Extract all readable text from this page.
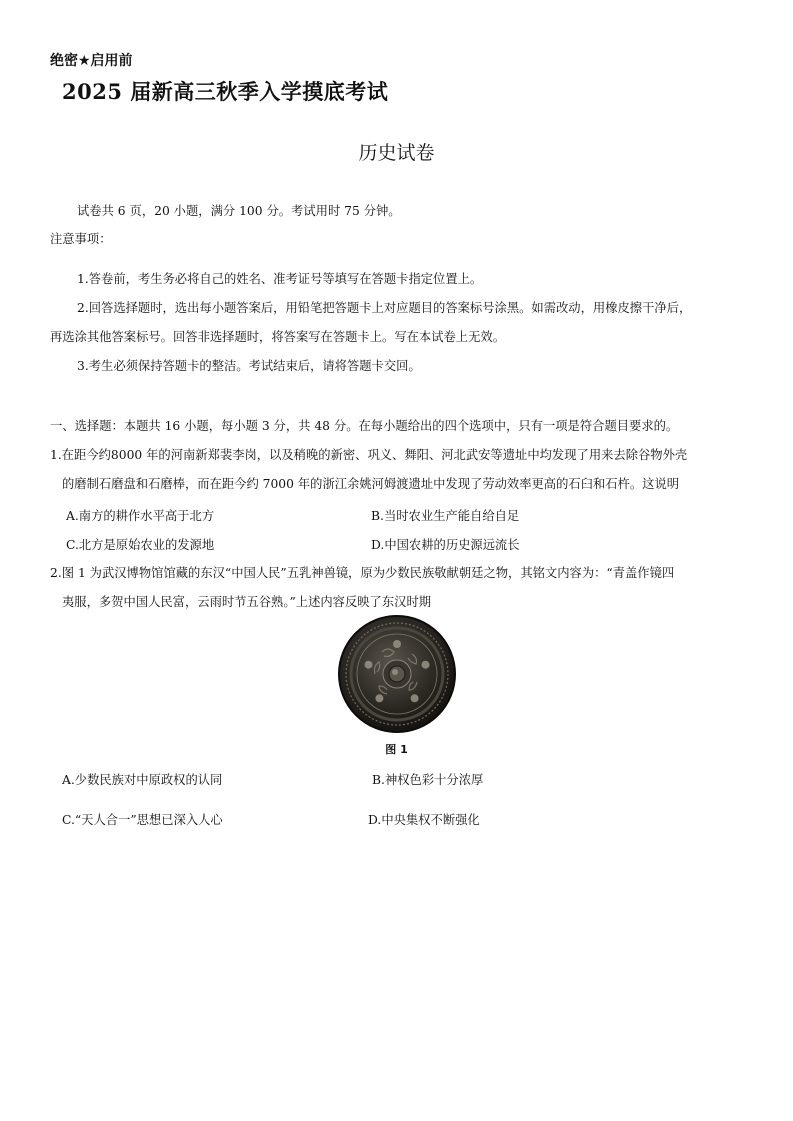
绝密★启用前
2025 届新高三秋季入学摸底考试
历史试卷
试卷共 6 页，20 小题，满分 100 分。考试用时 75 分钟。
注意事项：
1.答卷前，考生务必将自己的姓名、准考证号等填写在答题卡指定位置上。
2.回答选择题时，选出每小题答案后，用铅笔把答题卡上对应题目的答案标号涂黑。如需改动，用橡皮擦干净后，
再选涂其他答案标号。回答非选择题时，将答案写在答题卡上。写在本试卷上无效。
3.考生必须保持答题卡的整洁。考试结束后，请将答题卡交回。
一、选择题：本题共 16 小题，每小题 3 分，共 48 分。在每小题给出的四个选项中，只有一项是符合题目要求的。
1.在距今约8000 年的河南新郑裴李岗，以及稍晚的新密、巩义、舞阳、河北武安等遗址中均发现了用来去除谷物外壳
的磨制石磨盘和石磨棒，而在距今约 7000 年的浙江余姚河姆渡遗址中发现了劳动效率更高的石臼和石杵。这说明
A.南方的耕作水平高于北方	B.当时农业生产能自给自足
C.北方是原始农业的发源地	D.中国农耕的历史源远流长
2.图 1 为武汉博物馆馆藏的东汉“中国人民”五乳神兽镜，原为少数民族敬献朝廷之物，其铭文内容为：“青盖作镜四
夷服，多贺中国人民富，云雨时节五谷熟。”上述内容反映了东汉时期
图 1
A.少数民族对中原政权的认同	B.神权色彩十分浓厚
C.“天人合一”思想已深入人心	D.中央集权不断强化
